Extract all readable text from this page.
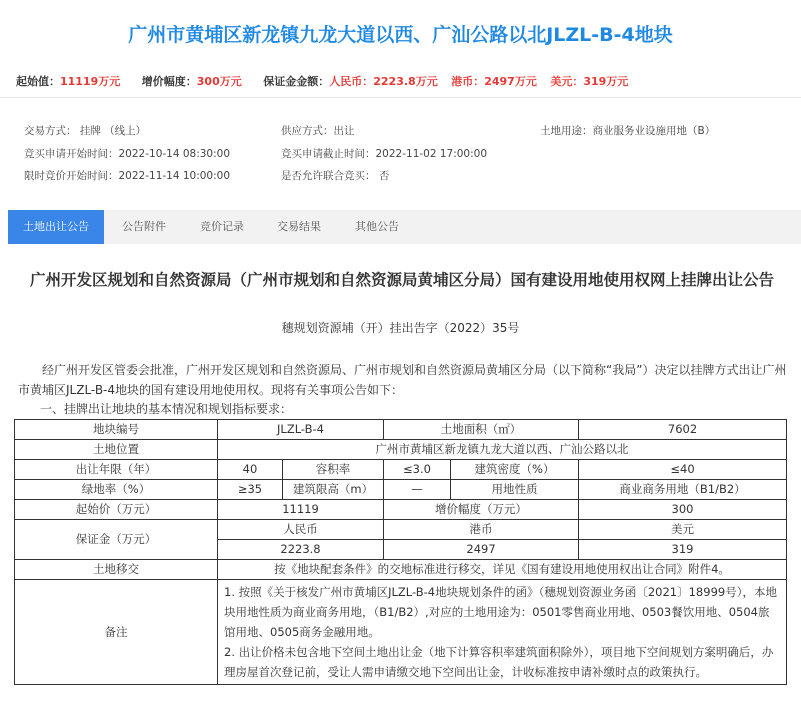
广州市黄埔区新龙镇九龙大道以西、广汕公路以北JLZL-B-4地块
起始值：11119万元 增价幅度：300万元 保证金金额：人民币：2223.8万元 港币：2497万元 美元：319万元
交易方式： 挂牌 （线上）	供应方式：出让	土地用途：商业服务业设施用地（B）
竞买申请开始时间：2022-10-14 08:30:00	竞买申请截止时间：2022-11-02 17:00:00
限时竞价开始时间：2022-11-14 10:00:00	是否允许联合竞买： 否
土地出让公告	公告附件	竞价记录	交易结果	其他公告
广州开发区规划和自然资源局（广州市规划和自然资源局黄埔区分局）国有建设用地使用权网上挂牌出让公告
穗规划资源埔（开）挂出告字（2022）35号
经广州开发区管委会批准，广州开发区规划和自然资源局、广州市规划和自然资源局黄埔区分局（以下简称“我局”）决定以挂牌方式出让广州市黄埔区JLZL-B-4地块的国有建设用地使用权。现将有关事项公告如下：
一、挂牌出让地块的基本情况和规划指标要求：
地块编号	JLZL-B-4		土地面积（㎡）		7602
土地位置	广州市黄埔区新龙镇九龙大道以西、广汕公路以北				
出让年限（年）	40	容积率	≤3.0	建筑密度（%）	≤40
绿地率（%）	≥35	建筑限高（m）	—	用地性质	商业商务用地（B1/B2）
起始价（万元）	11119		增价幅度（万元）		300
保证金（万元）	人民币		港币		美元
	2223.8		2497		319
土地移交	按《地块配套条件》的交地标准进行移交，详见《国有建设用地使用权出让合同》附件4。				
备注	1. 按照《关于核发广州市黄埔区JLZL-B-4地块规划条件的函》（穗规划资源业务函〔2021〕18999号），本地块用地性质为商业商务用地，（B1/B2）,对应的土地用途为：0501零售商业用地、0503餐饮用地、0504旅馆用地、0505商务金融用地。
2. 出让价格未包含地下空间土地出让金（地下计算容积率建筑面积除外），项目地下空间规划方案明确后，办理房屋首次登记前，受让人需申请缴交地下空间出让金，计收标准按申请补缴时点的政策执行。				
